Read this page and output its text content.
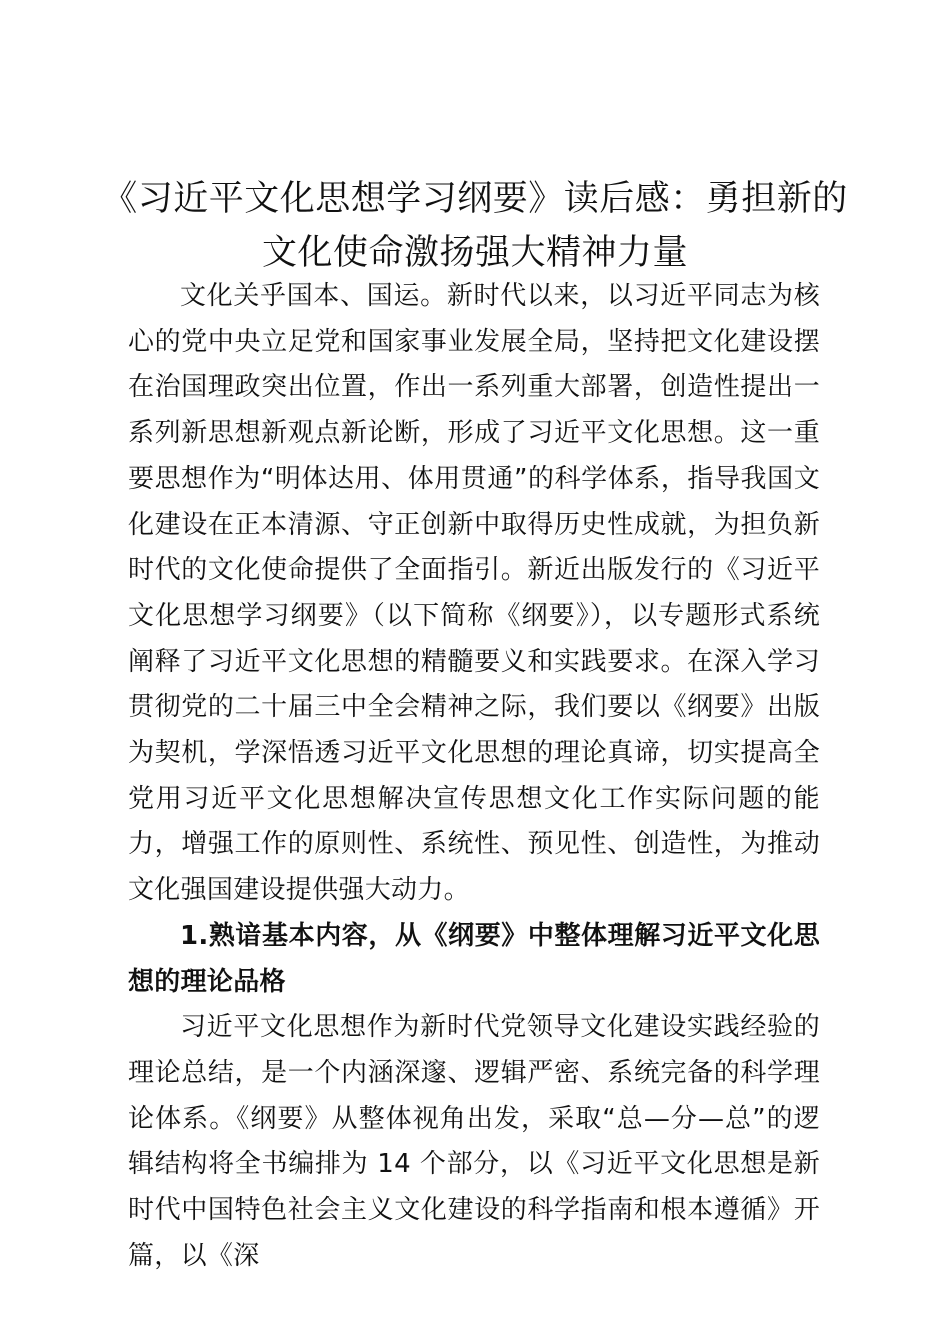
《习近平文化思想学习纲要》读后感：勇担新的文化使命激扬强大精神力量

文化关乎国本、国运。新时代以来，以习近平同志为核心的党中央立足党和国家事业发展全局，坚持把文化建设摆在治国理政突出位置，作出一系列重大部署，创造性提出一系列新思想新观点新论断，形成了习近平文化思想。这一重要思想作为“明体达用、体用贯通”的科学体系，指导我国文化建设在正本清源、守正创新中取得历史性成就，为担负新时代的文化使命提供了全面指引。新近出版发行的《习近平文化思想学习纲要》（以下简称《纲要》），以专题形式系统阐释了习近平文化思想的精髓要义和实践要求。在深入学习贯彻党的二十届三中全会精神之际，我们要以《纲要》出版为契机，学深悟透习近平文化思想的理论真谛，切实提高全党用习近平文化思想解决宣传思想文化工作实际问题的能力，增强工作的原则性、系统性、预见性、创造性，为推动文化强国建设提供强大动力。

1.熟谙基本内容，从《纲要》中整体理解习近平文化思想的理论品格

习近平文化思想作为新时代党领导文化建设实践经验的理论总结，是一个内涵深邃、逻辑严密、系统完备的科学理论体系。《纲要》从整体视角出发，采取“总—分—总”的逻辑结构将全书编排为 14 个部分，以《习近平文化思想是新时代中国特色社会主义文化建设的科学指南和根本遵循》开篇，以《深
